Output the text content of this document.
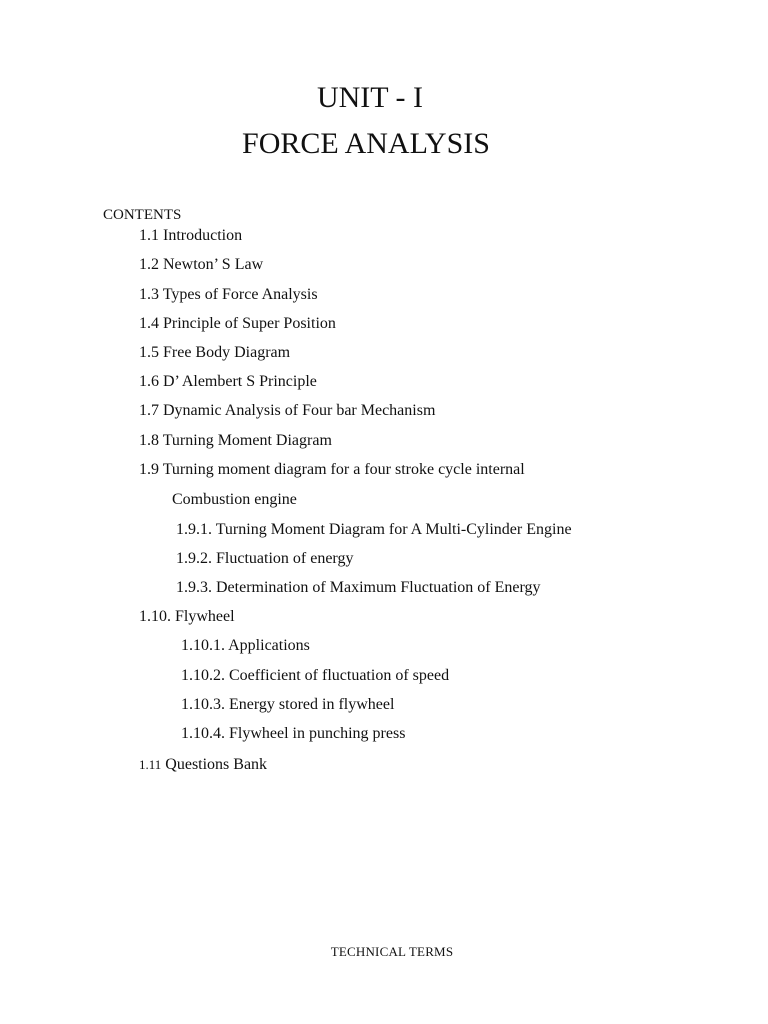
UNIT - I
FORCE ANALYSIS
CONTENTS
1.1 Introduction
1.2 Newton’ S Law
1.3 Types of Force Analysis
1.4 Principle of Super Position
1.5 Free Body Diagram
1.6 D’ Alembert S Principle
1.7 Dynamic Analysis of Four bar Mechanism
1.8 Turning Moment Diagram
1.9 Turning moment diagram for a four stroke cycle internal
Combustion engine
1.9.1. Turning Moment Diagram for A Multi-Cylinder Engine
1.9.2. Fluctuation of energy
1.9.3. Determination of Maximum Fluctuation of Energy
1.10. Flywheel
1.10.1. Applications
1.10.2. Coefficient of fluctuation of speed
1.10.3. Energy stored in flywheel
1.10.4. Flywheel in punching press
1.11 Questions Bank
TECHNICAL TERMS
